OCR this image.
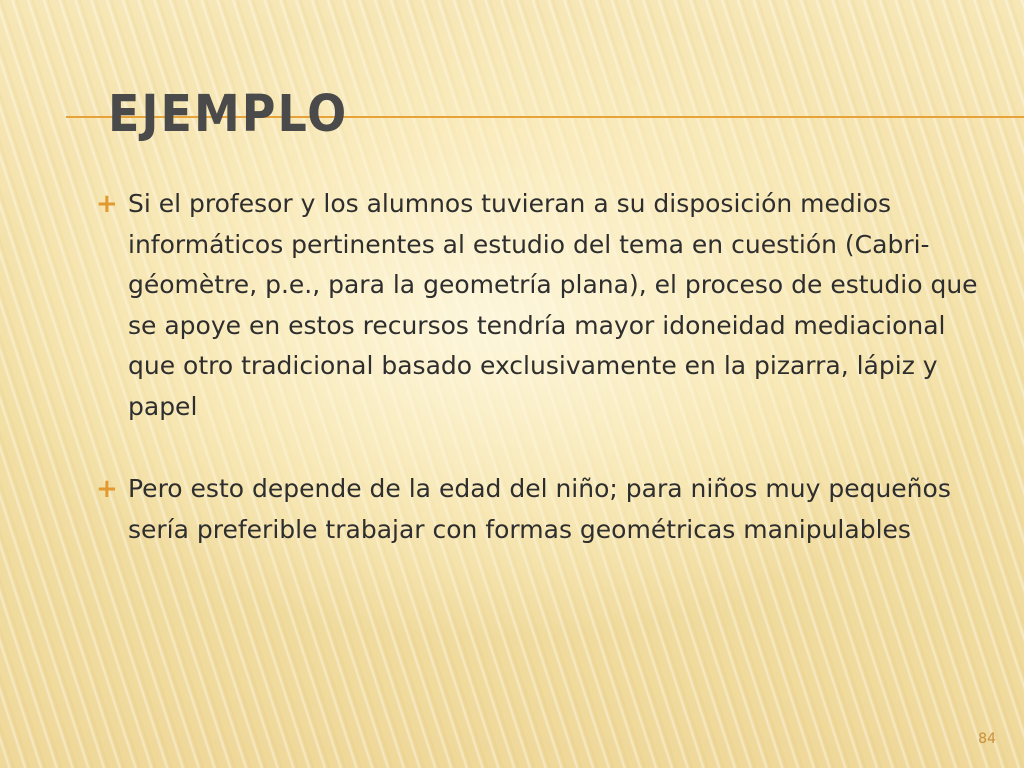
EJEMPLO
+ Si el profesor y los alumnos tuvieran a su disposición medios informáticos pertinentes al estudio del tema en cuestión (Cabri-géomètre, p.e., para la geometría plana), el proceso de estudio que se apoye en estos recursos tendría mayor idoneidad mediacional que otro tradicional basado exclusivamente en la pizarra, lápiz y papel

+ Pero esto depende de la edad del niño; para niños muy pequeños sería preferible trabajar con formas geométricas manipulables

84
